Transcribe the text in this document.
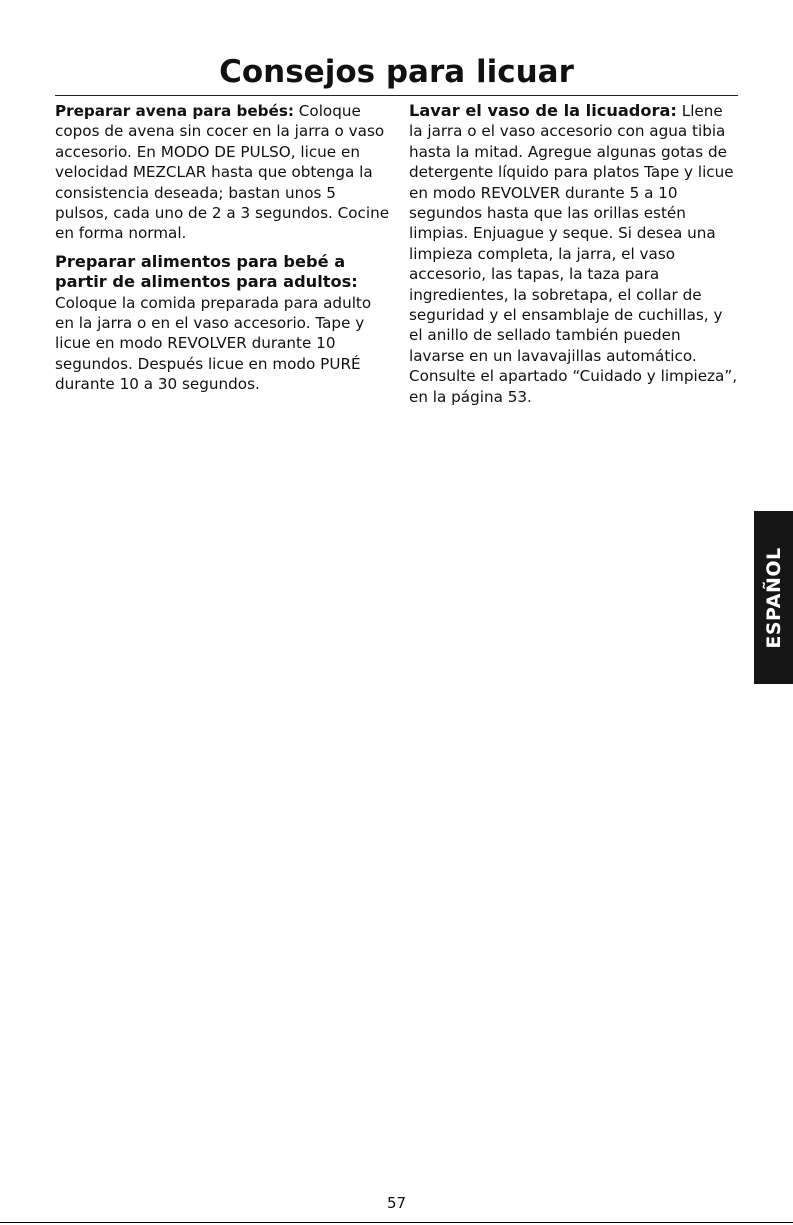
Consejos para licuar

Preparar avena para bebés: Coloque copos de avena sin cocer en la jarra o vaso accesorio. En MODO DE PULSO, licue en velocidad MEZCLAR hasta que obtenga la consistencia deseada; bastan unos 5 pulsos, cada uno de 2 a 3 segundos. Cocine en forma normal.

Preparar alimentos para bebé a partir de alimentos para adultos: Coloque la comida preparada para adulto en la jarra o en el vaso accesorio. Tape y licue en modo REVOLVER durante 10 segundos. Después licue en modo PURÉ durante 10 a 30 segundos.

Lavar el vaso de la licuadora: Llene la jarra o el vaso accesorio con agua tibia hasta la mitad. Agregue algunas gotas de detergente líquido para platos Tape y licue en modo REVOLVER durante 5 a 10 segundos hasta que las orillas estén limpias. Enjuague y seque. Si desea una limpieza completa, la jarra, el vaso accesorio, las tapas, la taza para ingredientes, la sobretapa, el collar de seguridad y el ensamblaje de cuchillas, y el anillo de sellado también pueden lavarse en un lavavajillas automático. Consulte el apartado “Cuidado y limpieza”, en la página 53.

ESPAÑOL
57
